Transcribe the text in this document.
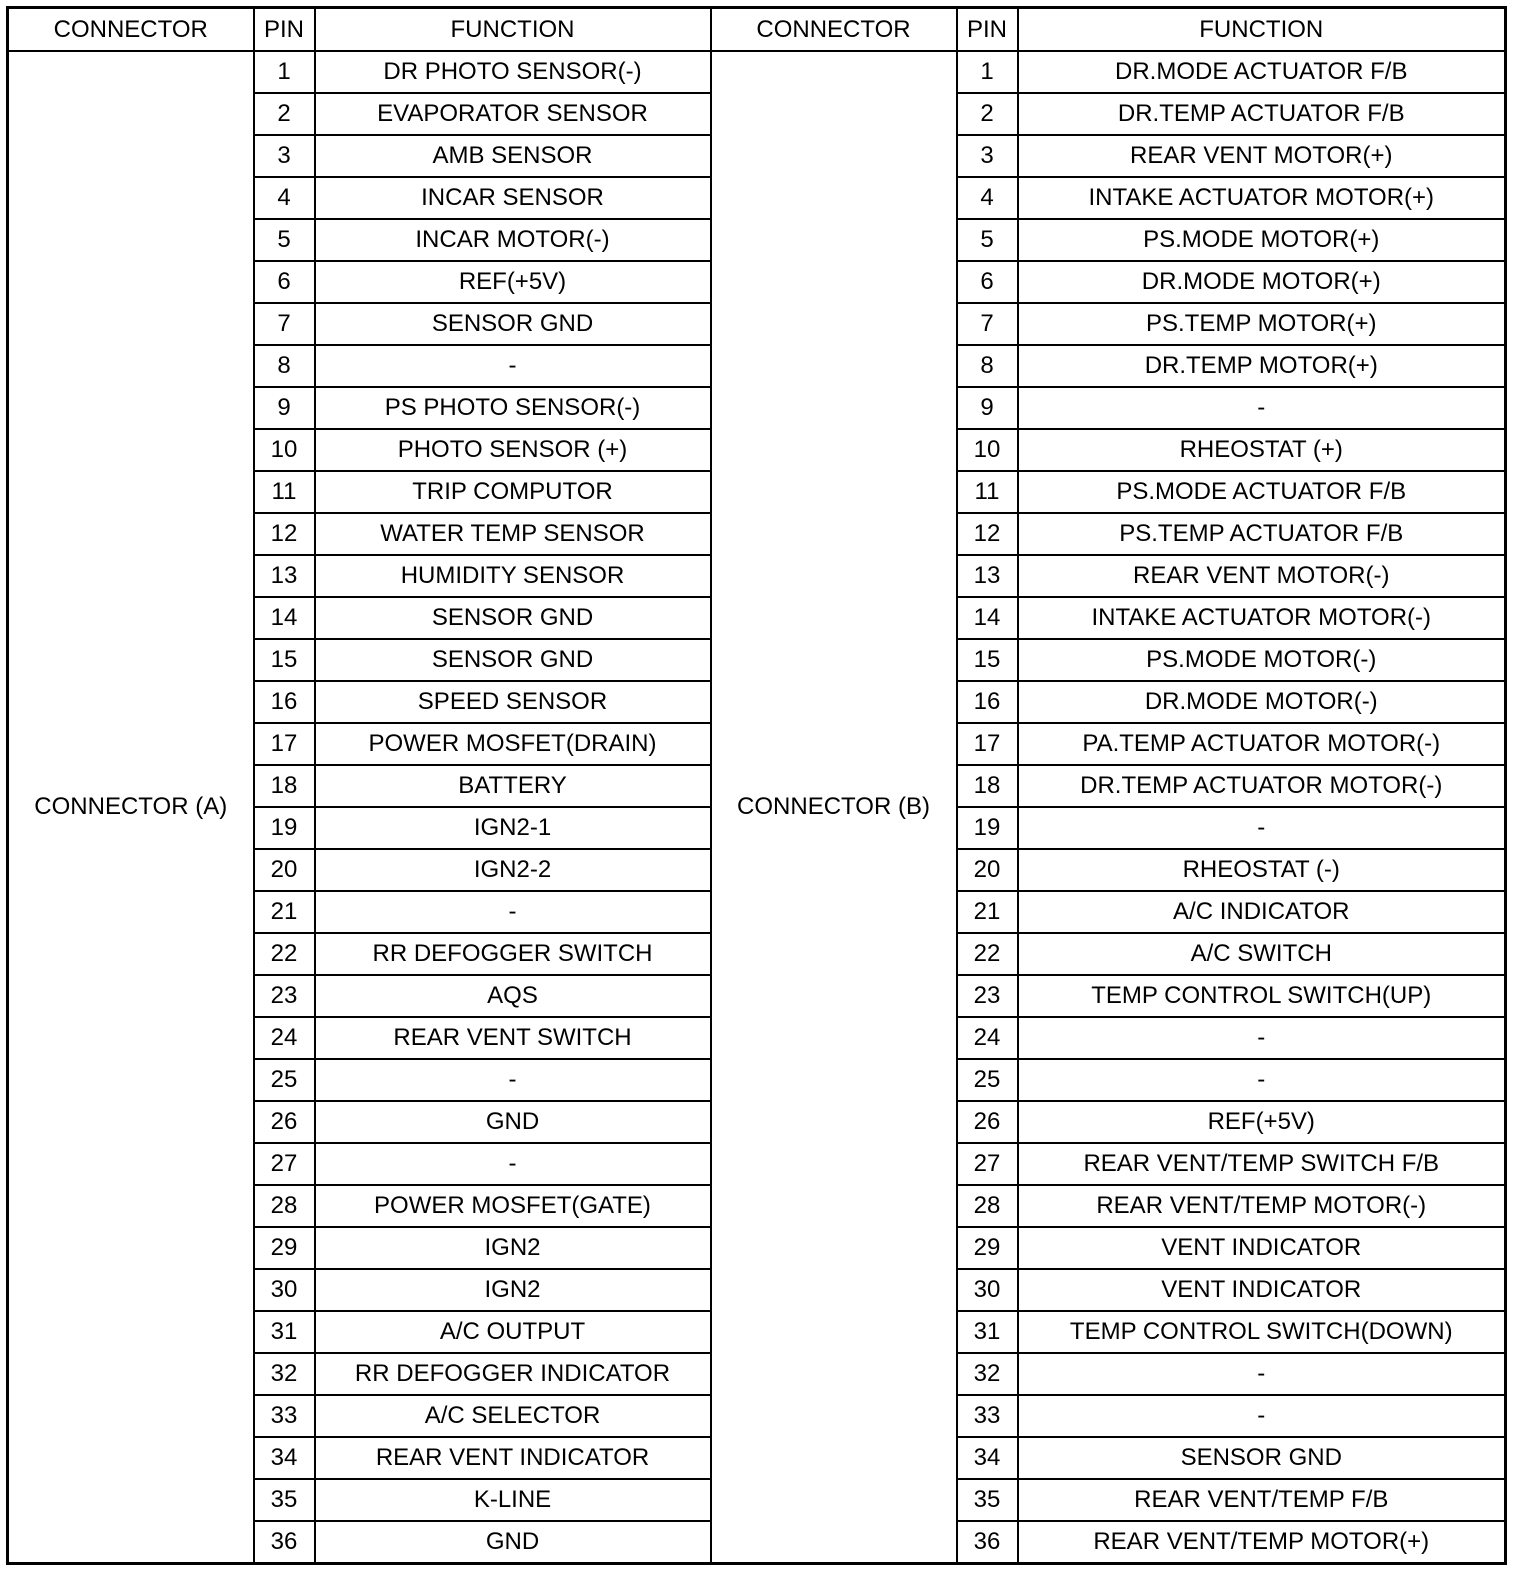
CONNECTOR	PIN	FUNCTION	CONNECTOR	PIN	FUNCTION
CONNECTOR (A)	1	DR PHOTO SENSOR(-)	CONNECTOR (B)	1	DR.MODE ACTUATOR F/B
	2	EVAPORATOR SENSOR		2	DR.TEMP ACTUATOR F/B
	3	AMB SENSOR		3	REAR VENT MOTOR(+)
	4	INCAR SENSOR		4	INTAKE ACTUATOR MOTOR(+)
	5	INCAR MOTOR(-)		5	PS.MODE MOTOR(+)
	6	REF(+5V)		6	DR.MODE MOTOR(+)
	7	SENSOR GND		7	PS.TEMP MOTOR(+)
	8	-		8	DR.TEMP MOTOR(+)
	9	PS PHOTO SENSOR(-)		9	-
	10	PHOTO SENSOR (+)		10	RHEOSTAT (+)
	11	TRIP COMPUTOR		11	PS.MODE ACTUATOR F/B
	12	WATER TEMP SENSOR		12	PS.TEMP ACTUATOR F/B
	13	HUMIDITY SENSOR		13	REAR VENT MOTOR(-)
	14	SENSOR GND		14	INTAKE ACTUATOR MOTOR(-)
	15	SENSOR GND		15	PS.MODE MOTOR(-)
	16	SPEED SENSOR		16	DR.MODE MOTOR(-)
	17	POWER MOSFET(DRAIN)		17	PA.TEMP ACTUATOR MOTOR(-)
	18	BATTERY		18	DR.TEMP ACTUATOR MOTOR(-)
	19	IGN2-1		19	-
	20	IGN2-2		20	RHEOSTAT (-)
	21	-		21	A/C INDICATOR
	22	RR DEFOGGER SWITCH		22	A/C SWITCH
	23	AQS		23	TEMP CONTROL SWITCH(UP)
	24	REAR VENT SWITCH		24	-
	25	-		25	-
	26	GND		26	REF(+5V)
	27	-		27	REAR VENT/TEMP SWITCH F/B
	28	POWER MOSFET(GATE)		28	REAR VENT/TEMP MOTOR(-)
	29	IGN2		29	VENT INDICATOR
	30	IGN2		30	VENT INDICATOR
	31	A/C OUTPUT		31	TEMP CONTROL SWITCH(DOWN)
	32	RR DEFOGGER INDICATOR		32	-
	33	A/C SELECTOR		33	-
	34	REAR VENT INDICATOR		34	SENSOR GND
	35	K-LINE		35	REAR VENT/TEMP F/B
	36	GND		36	REAR VENT/TEMP MOTOR(+)
